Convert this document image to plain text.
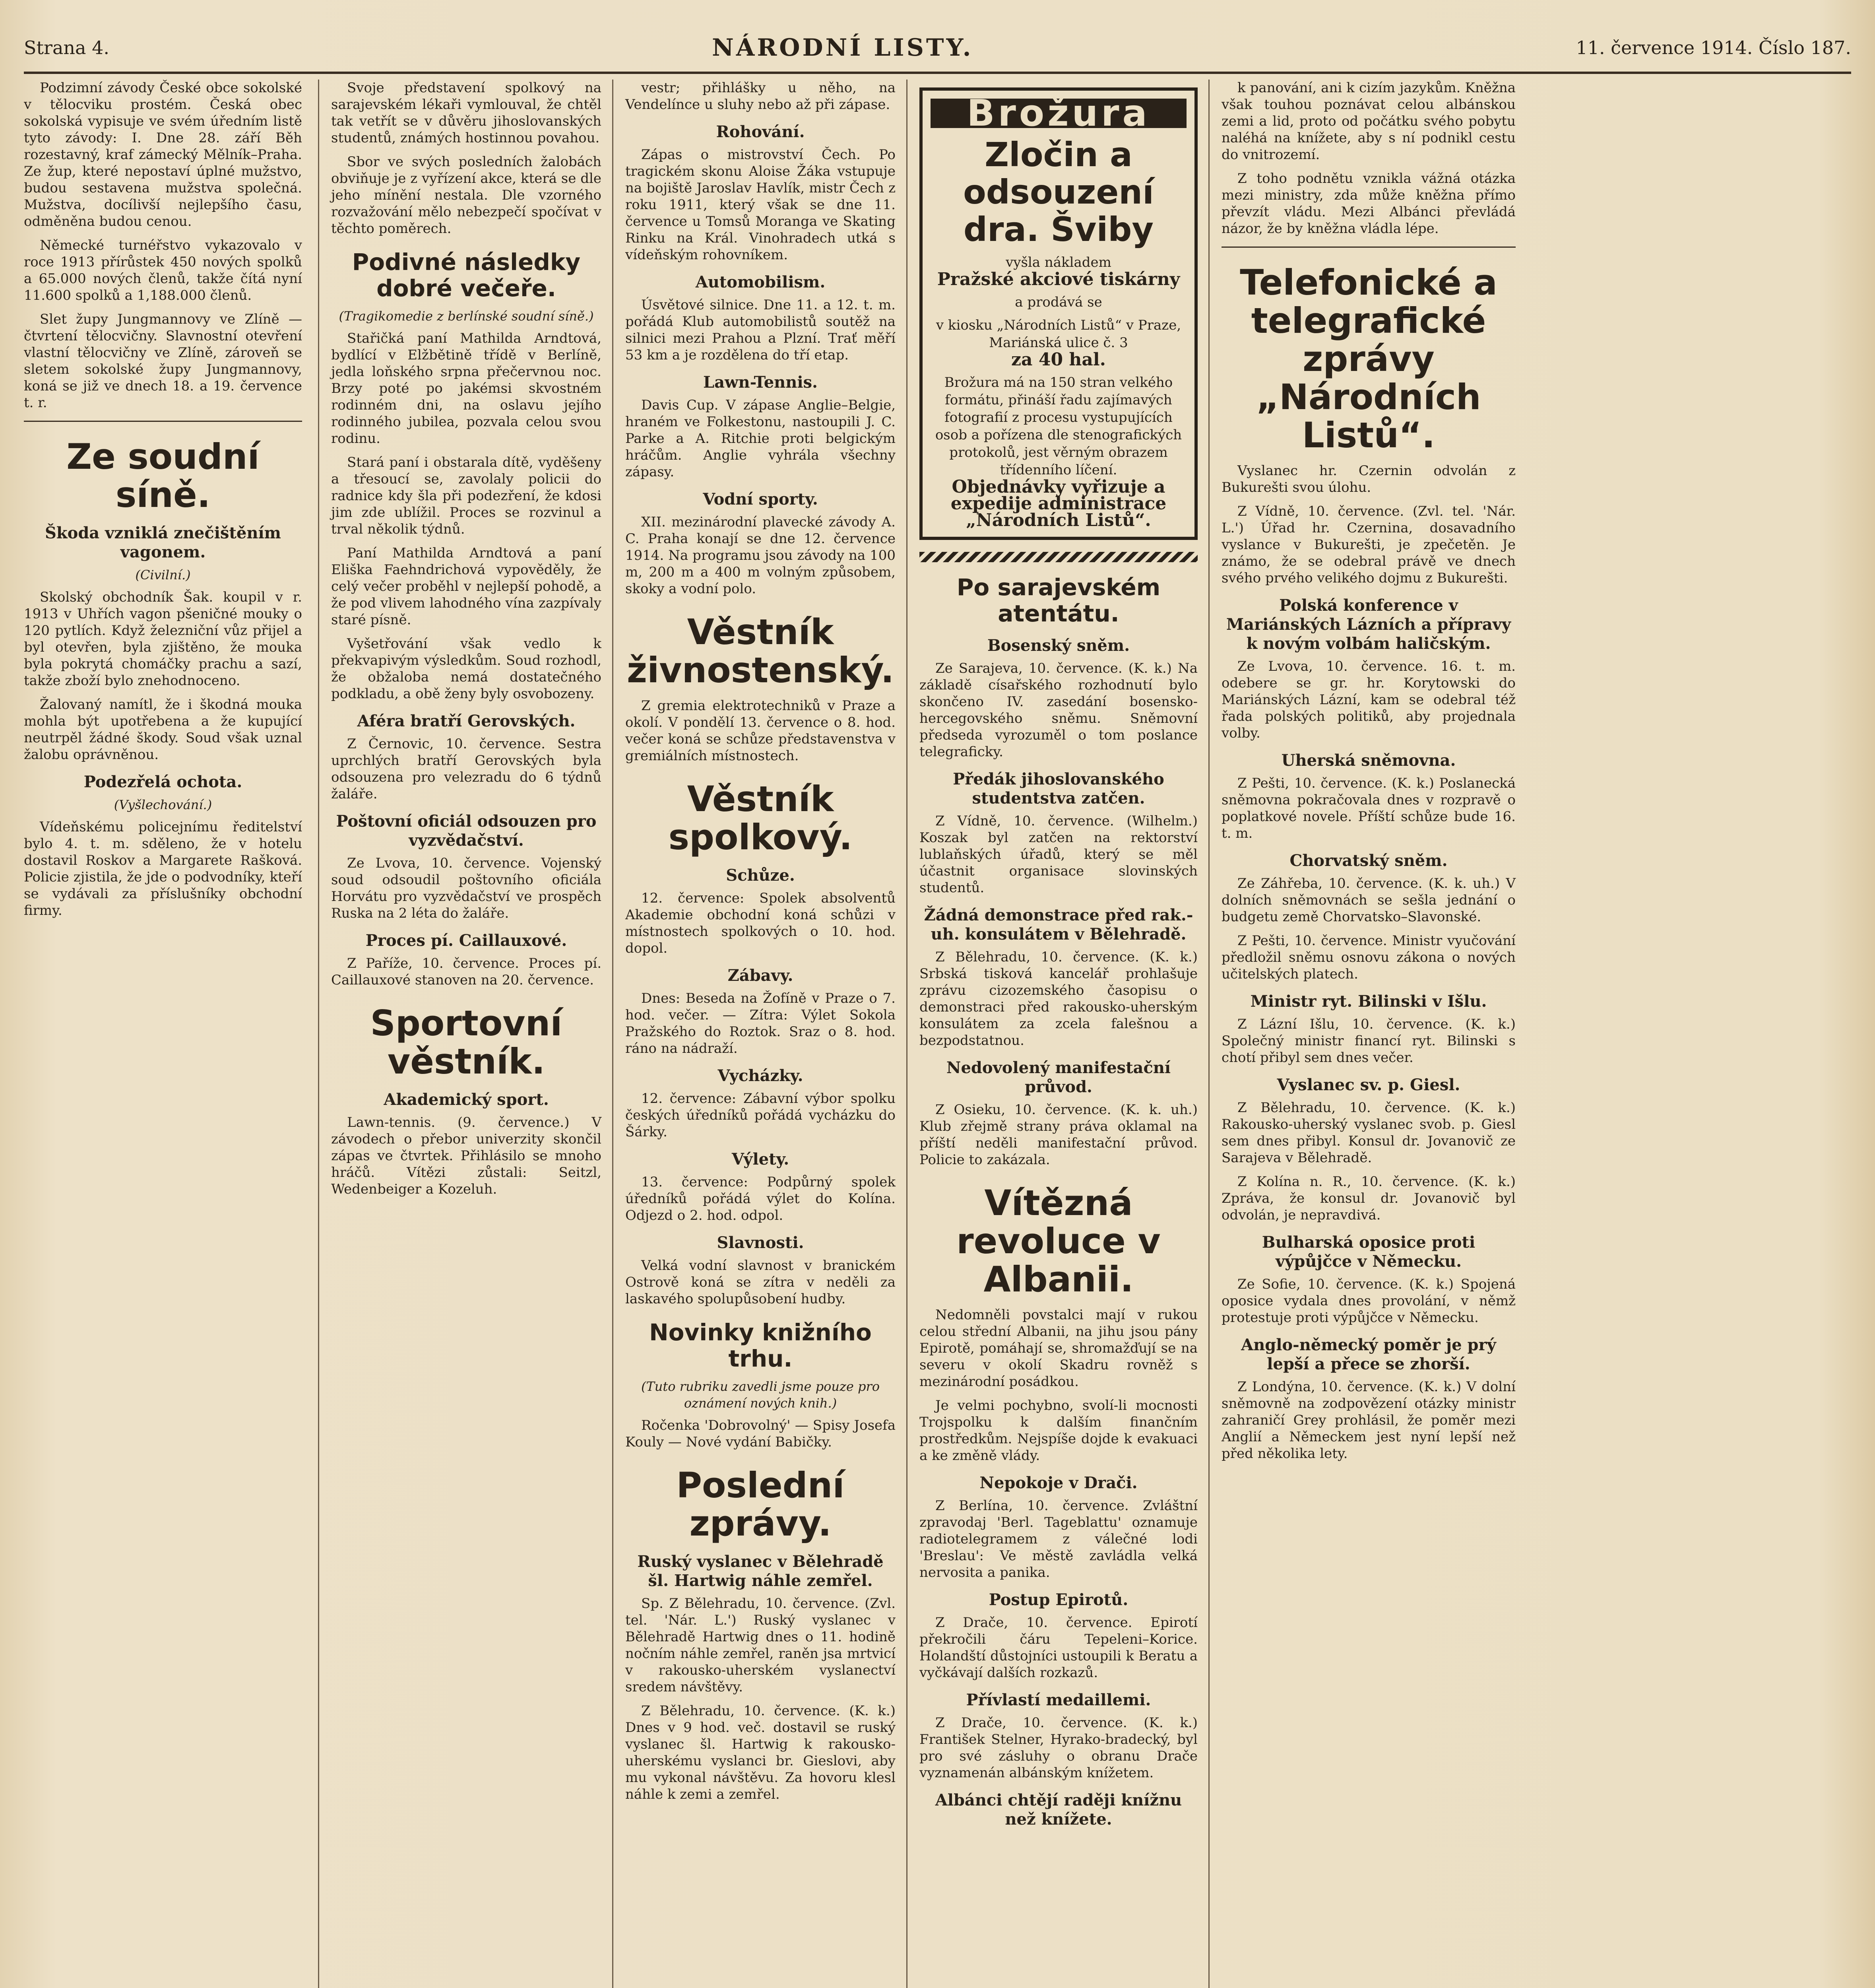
Strana 4.	NÁRODNÍ LISTY.	11. července 1914. Číslo 187.

Podzimní závody České obce sokolské v tělocviku prostém. Česká obec sokolská vypisuje ve svém úředním listě tyto závody: I. Dne 28. září Běh rozestavný, kraf zámecký Mělník–Praha. Ze žup, které nepostaví úplné mužstvo, budou sestavena mužstva společná. Mužstva, docílivší nejlepšího času, odměněna budou cenou.

Německé turnéřstvo vykazovalo v roce 1913 přírůstek 450 nových spolků a 65.000 nových členů, takže čítá nyní 11.600 spolků a 1,188.000 členů.

Slet župy Jungmannovy ve Zlíně — čtvrtení tělocvičny. Slavnostní otevření vlastní tělocvičny ve Zlíně, zároveň se sletem sokolské župy Jungmannovy, koná se již ve dnech 18. a 19. července t. r.

Ze soudní síně.
Škoda vzniklá znečištěním vagonem.
(Civilní.)

Skolský obchodník Šak. koupil v r. 1913 v Uhřích vagon pšeničné mouky o 120 pytlích. Když železniční vůz přijel a byl otevřen, byla zjištěno, že mouka byla pokrytá chomáčky prachu a sazí, takže zboží bylo znehodnoceno.

Žalovaný namítl, že i škodná mouka mohla být upotřebena a že kupující neutrpěl žádné škody. Soud však uznal žalobu oprávněnou.

Podezřelá ochota.
(Vyšlechování.)

Vídeňskému policejnímu ředitelství bylo 4. t. m. sděleno, že v hotelu dostavil Roskov a Margarete Rašková. Policie zjistila, že jde o podvodníky, kteří se vydávali za příslušníky obchodní firmy.

Svoje představení spolkový na sarajevském lékaři vymlouval, že chtěl tak vetřít se v důvěru jihoslovanských studentů, známých hostinnou povahou.

Sbor ve svých posledních žalobách obviňuje je z vyřízení akce, která se dle jeho mínění nestala. Dle vzorného rozvažování mělo nebezpečí spočívat v těchto poměrech.

Podivné následky dobré večeře.
(Tragikomedie z berlínské soudní síně.)

Stařičká paní Mathilda Arndtová, bydlící v Elžbětině třídě v Berlíně, jedla loňského srpna přečervnou noc. Brzy poté po jakémsi skvostném rodinném dni, na oslavu jejího rodinného jubilea, pozvala celou svou rodinu.

Stará paní i obstarala dítě, vyděšeny a třesoucí se, zavolaly policii do radnice kdy šla při podezření, že kdosi jim zde ublížil. Proces se rozvinul a trval několik týdnů.

Paní Mathilda Arndtová a paní Eliška Faehndrichová vypověděly, že celý večer proběhl v nejlepší pohodě, a že pod vlivem lahodného vína zazpívaly staré písně.

Vyšetřování však vedlo k překvapivým výsledkům. Soud rozhodl, že obžaloba nemá dostatečného podkladu, a obě ženy byly osvobozeny.

Aféra bratří Gerovských.

Z Černovic, 10. července. Sestra uprchlých bratří Gerovských byla odsouzena pro velezradu do 6 týdnů žaláře.

Poštovní oficiál odsouzen pro vyzvědačství.

Ze Lvova, 10. července. Vojenský soud odsoudil poštovního oficiála Horvátu pro vyzvědačství ve prospěch Ruska na 2 léta do žaláře.

Proces pí. Caillauxové.

Z Paříže, 10. července. Proces pí. Caillauxové stanoven na 20. července.

Sportovní věstník.
Akademický sport.

Lawn-tennis. (9. července.) V závodech o přebor univerzity skončil zápas ve čtvrtek. Přihlásilo se mnoho hráčů. Vítězi zůstali: Seitzl, Wedenbeiger a Kozeluh.

vestr; přihlášky u něho, na Vendelínce u sluhy nebo až při zápase.

Rohování.

Zápas o mistrovství Čech. Po tragickém skonu Aloise Žáka vstupuje na bojiště Jaroslav Havlík, mistr Čech z roku 1911, který však se dne 11. července u Tomsů Moranga ve Skating Rinku na Král. Vinohradech utká s vídeňským rohovníkem.

Automobilism.

Úsvětové silnice. Dne 11. a 12. t. m. pořádá Klub automobilistů soutěž na silnici mezi Prahou a Plzní. Trať měří 53 km a je rozdělena do tří etap.

Lawn-Tennis.

Davis Cup. V zápase Anglie–Belgie, hraném ve Folkestonu, nastoupili J. C. Parke a A. Ritchie proti belgickým hráčům. Anglie vyhrála všechny zápasy.

Vodní sporty.

XII. mezinárodní plavecké závody A. C. Praha konají se dne 12. července 1914. Na programu jsou závody na 100 m, 200 m a 400 m volným způsobem, skoky a vodní polo.

Věstník živnostenský.

Z gremia elektrotechniků v Praze a okolí. V pondělí 13. července o 8. hod. večer koná se schůze představenstva v gremiálních místnostech.

Věstník spolkový.
Schůze.

12. července: Spolek absolventů Akademie obchodní koná schůzi v místnostech spolkových o 10. hod. dopol.

Zábavy.

Dnes: Beseda na Žofíně v Praze o 7. hod. večer. — Zítra: Výlet Sokola Pražského do Roztok. Sraz o 8. hod. ráno na nádraží.

Vycházky.

12. července: Zábavní výbor spolku českých úředníků pořádá vycházku do Šárky.

Výlety.

13. července: Podpůrný spolek úředníků pořádá výlet do Kolína. Odjezd o 2. hod. odpol.

Slavnosti.

Velká vodní slavnost v branickém Ostrově koná se zítra v neděli za laskavého spolupůsobení hudby.

Novinky knižního trhu.
(Tuto rubriku zavedli jsme pouze pro oznámení nových knih.)

Ročenka 'Dobrovolný' — Spisy Josefa Kouly — Nové vydání Babičky.

Poslední zprávy.
Ruský vyslanec v Bělehradě šl. Hartwig náhle zemřel.

Sp. Z Bělehradu, 10. července. (Zvl. tel. 'Nár. L.') Ruský vyslanec v Bělehradě Hartwig dnes o 11. hodině nočním náhle zemřel, raněn jsa mrtvicí v rakousko-uherském vyslanectví sredem návštěvy.

Z Bělehradu, 10. července. (K. k.) Dnes v 9 hod. več. dostavil se ruský vyslanec šl. Hartwig k rakousko-uherskému vyslanci br. Gieslovi, aby mu vykonal návštěvu. Za hovoru klesl náhle k zemi a zemřel.

Brožura
Zločin a odsouzení dra. Šviby
vyšla nákladem
Pražské akciové tiskárny
a prodává se
v kiosku „Národních Listů“ v Praze, Mariánská ulice č. 3
za 40 hal.
Brožura má na 150 stran velkého formátu, přináší řadu zajímavých fotografií z procesu vystupujících osob a pořízena dle stenografických protokolů, jest věrným obrazem třídenního líčení.
Objednávky vyřizuje a expedije administrace „Národních Listů“.
Po sarajevském atentátu.
Bosenský sněm.

Ze Sarajeva, 10. července. (K. k.) Na základě císařského rozhodnutí bylo skončeno IV. zasedání bosensko-hercegovského sněmu. Sněmovní předseda vyrozuměl o tom poslance telegraficky.

Předák jihoslovanského studentstva zatčen.

Z Vídně, 10. července. (Wilhelm.) Koszak byl zatčen na rektorství lublaňských úřadů, který se měl účastnit organisace slovinských studentů.

Žádná demonstrace před rak.-uh. konsulátem v Bělehradě.

Z Bělehradu, 10. července. (K. k.) Srbská tisková kancelář prohlašuje zprávu cizozemského časopisu o demonstraci před rakousko-uherským konsulátem za zcela falešnou a bezpodstatnou.

Nedovolený manifestační průvod.

Z Osieku, 10. července. (K. k. uh.) Klub zřejmě strany práva oklamal na příští neděli manifestační průvod. Policie to zakázala.

Vítězná revoluce v Albanii.

Nedomněli povstalci mají v rukou celou střední Albanii, na jihu jsou pány Epirotě, pomáhají se, shromažďují se na severu v okolí Skadru rovněž s mezinárodní posádkou.

Je velmi pochybno, svolí-li mocnosti Trojspolku k dalším finančním prostředkům. Nejspíše dojde k evakuaci a ke změně vlády.

Nepokoje v Drači.

Z Berlína, 10. července. Zvláštní zpravodaj 'Berl. Tageblattu' oznamuje radiotelegramem z válečné lodi 'Breslau': Ve městě zavládla velká nervosita a panika.

Postup Epirotů.

Z Drače, 10. července. Epirotí překročili čáru Tepeleni–Korice. Holandští důstojníci ustoupili k Beratu a vyčkávají dalších rozkazů.

Přívlastí medaillemi.

Z Drače, 10. července. (K. k.) František Stelner, Hyrako-bradecký, byl pro své zásluhy o obranu Drače vyznamenán albánským knížetem.

Albánci chtějí raději knížnu než knížete.

k panování, ani k cizím jazykům. Kněžna však touhou poznávat celou albánskou zemi a lid, proto od počátku svého pobytu naléhá na knížete, aby s ní podnikl cestu do vnitrozemí.

Z toho podnětu vznikla vážná otázka mezi ministry, zda může kněžna přímo převzít vládu. Mezi Albánci převládá názor, že by kněžna vládla lépe.

Telefonické a telegrafické zprávy „Národních Listů“.

Vyslanec hr. Czernin odvolán z Bukurešti svou úlohu.

Z Vídně, 10. července. (Zvl. tel. 'Nár. L.') Úřad hr. Czernina, dosavadního vyslance v Bukurešti, je zpečetěn. Je známo, že se odebral právě ve dnech svého prvého velikého dojmu z Bukurešti.

Polská konference v Mariánských Lázních a přípravy k novým volbám haličským.

Ze Lvova, 10. července. 16. t. m. odebere se gr. hr. Korytowski do Mariánských Lázní, kam se odebral též řada polských politiků, aby projednala volby.

Uherská sněmovna.

Z Pešti, 10. července. (K. k.) Poslanecká sněmovna pokračovala dnes v rozpravě o poplatkové novele. Příští schůze bude 16. t. m.

Chorvatský sněm.

Ze Záhřeba, 10. července. (K. k. uh.) V dolních sněmovnách se sešla jednání o budgetu země Chorvatsko–Slavonské.

Z Pešti, 10. července. Ministr vyučování předložil sněmu osnovu zákona o nových učitelských platech.

Ministr ryt. Bilinski v Išlu.

Z Lázní Išlu, 10. července. (K. k.) Společný ministr financí ryt. Bilinski s chotí přibyl sem dnes večer.

Vyslanec sv. p. Giesl.

Z Bělehradu, 10. července. (K. k.) Rakousko-uherský vyslanec svob. p. Giesl sem dnes přibyl. Konsul dr. Jovanovič ze Sarajeva v Bělehradě.

Z Kolína n. R., 10. července. (K. k.) Zpráva, že konsul dr. Jovanovič byl odvolán, je nepravdivá.

Bulharská oposice proti výpůjčce v Německu.

Ze Sofie, 10. července. (K. k.) Spojená oposice vydala dnes provolání, v němž protestuje proti výpůjčce v Německu.

Anglo-německý poměr je prý lepší a přece se zhorší.

Z Londýna, 10. července. (K. k.) V dolní sněmovně na zodpovězení otázky ministr zahraničí Grey prohlásil, že poměr mezi Anglií a Německem jest nyní lepší než před několika lety.
